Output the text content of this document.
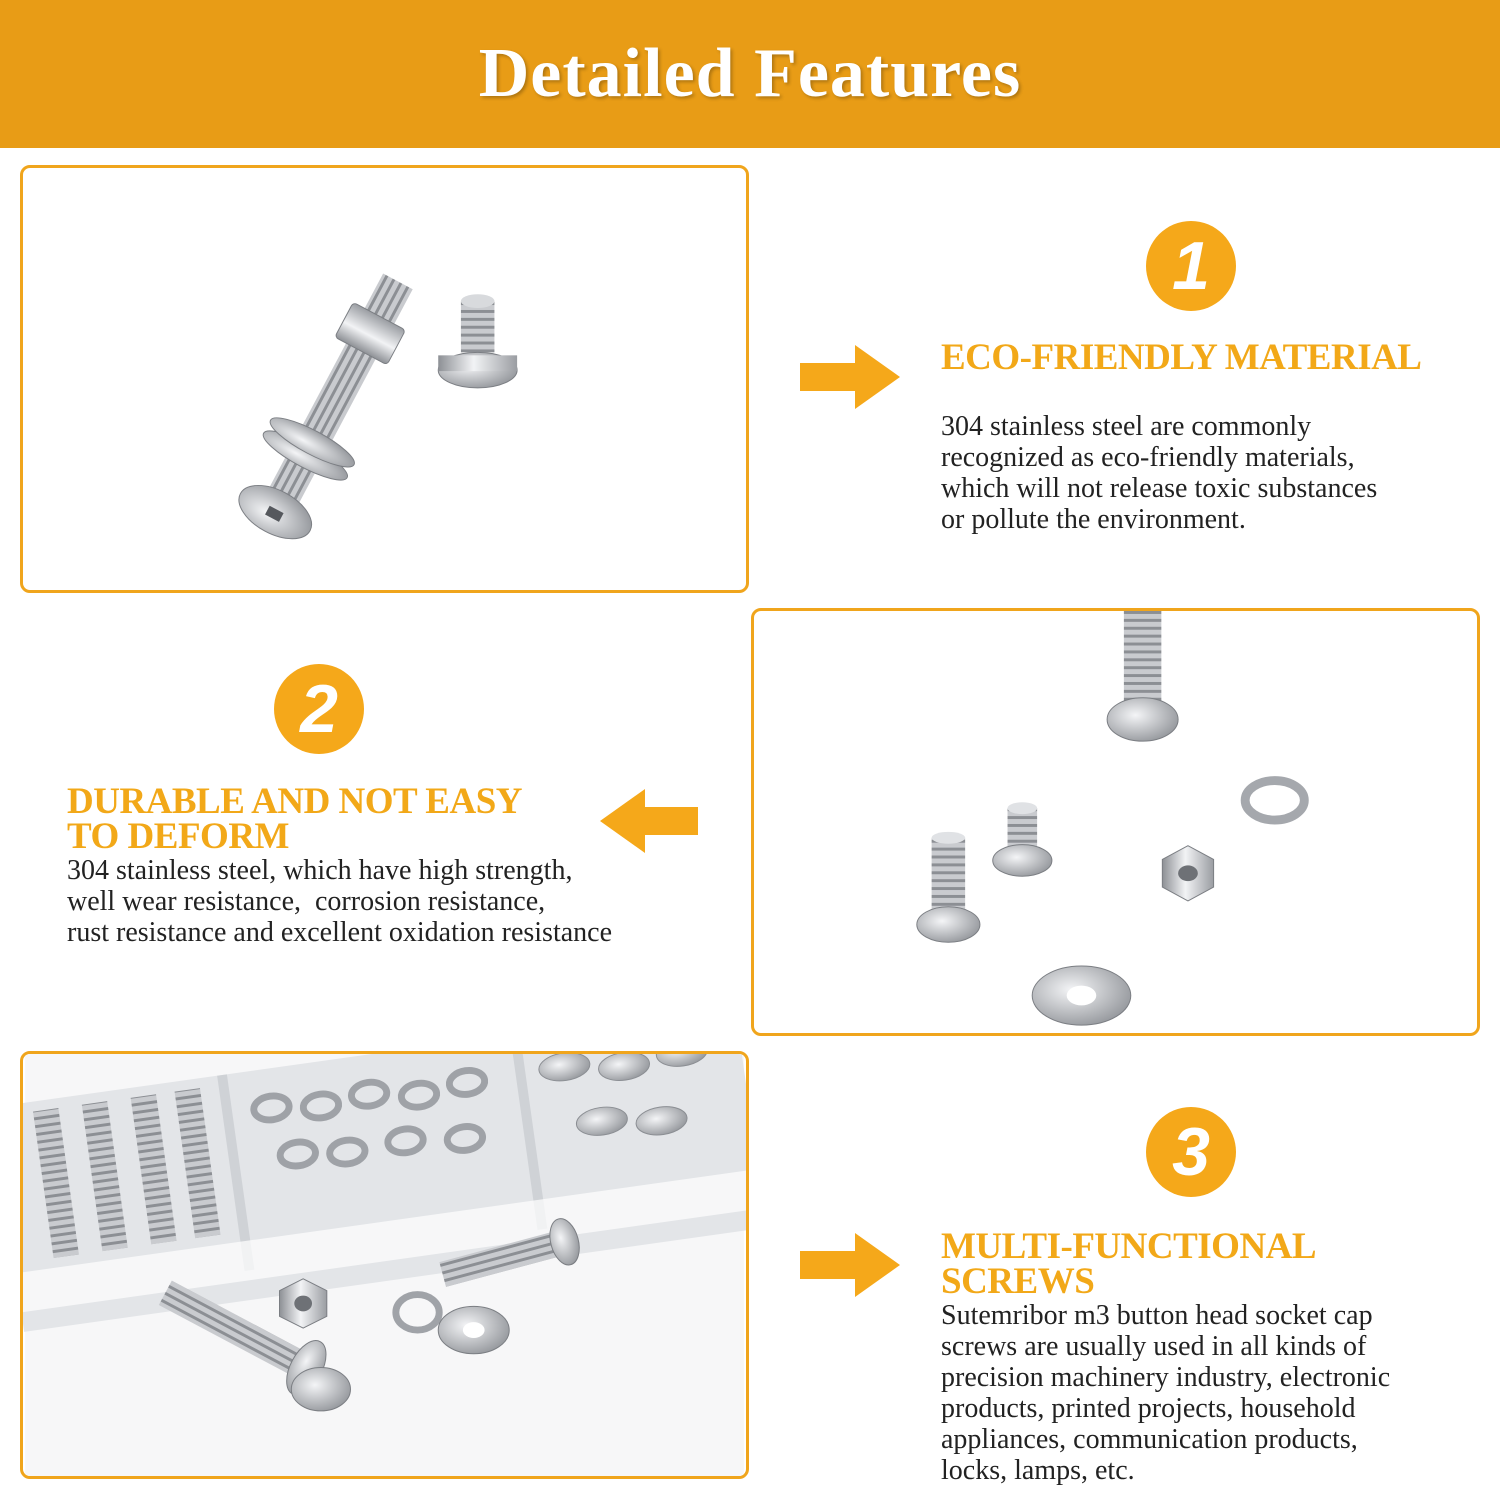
Detailed Features
1
ECO-FRIENDLY MATERIAL

304 stainless steel are commonly

recognized as eco-friendly materials,

which will not release toxic substances

or pollute the environment.

2
DURABLE AND NOT EASY
TO DEFORM

304 stainless steel, which have high strength,

well wear resistance,  corrosion resistance,

rust resistance and excellent oxidation resistance

3
MULTI-FUNCTIONAL
SCREWS

Sutemribor m3 button head socket cap

screws are usually used in all kinds of

precision machinery industry, electronic

products, printed projects, household

appliances, communication products,

locks, lamps, etc.
